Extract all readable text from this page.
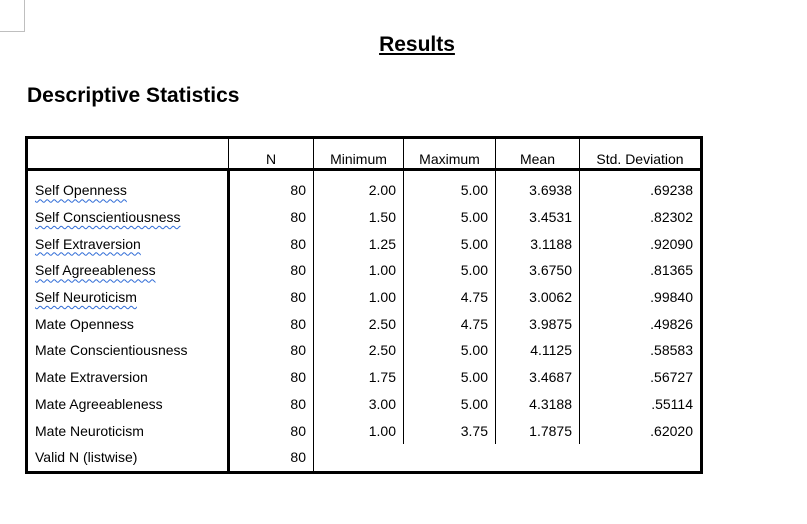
Results
Descriptive Statistics
	N	Minimum	Maximum	Mean	Std. Deviation
Self Openness	80	2.00	5.00	3.6938	.69238
Self Conscientiousness	80	1.50	5.00	3.4531	.82302
Self Extraversion	80	1.25	5.00	3.1188	.92090
Self Agreeableness	80	1.00	5.00	3.6750	.81365
Self Neuroticism	80	1.00	4.75	3.0062	.99840
Mate Openness	80	2.50	4.75	3.9875	.49826
Mate Conscientiousness	80	2.50	5.00	4.1125	.58583
Mate Extraversion	80	1.75	5.00	3.4687	.56727
Mate Agreeableness	80	3.00	5.00	4.3188	.55114
Mate Neuroticism	80	1.00	3.75	1.7875	.62020
Valid N (listwise)	80				
